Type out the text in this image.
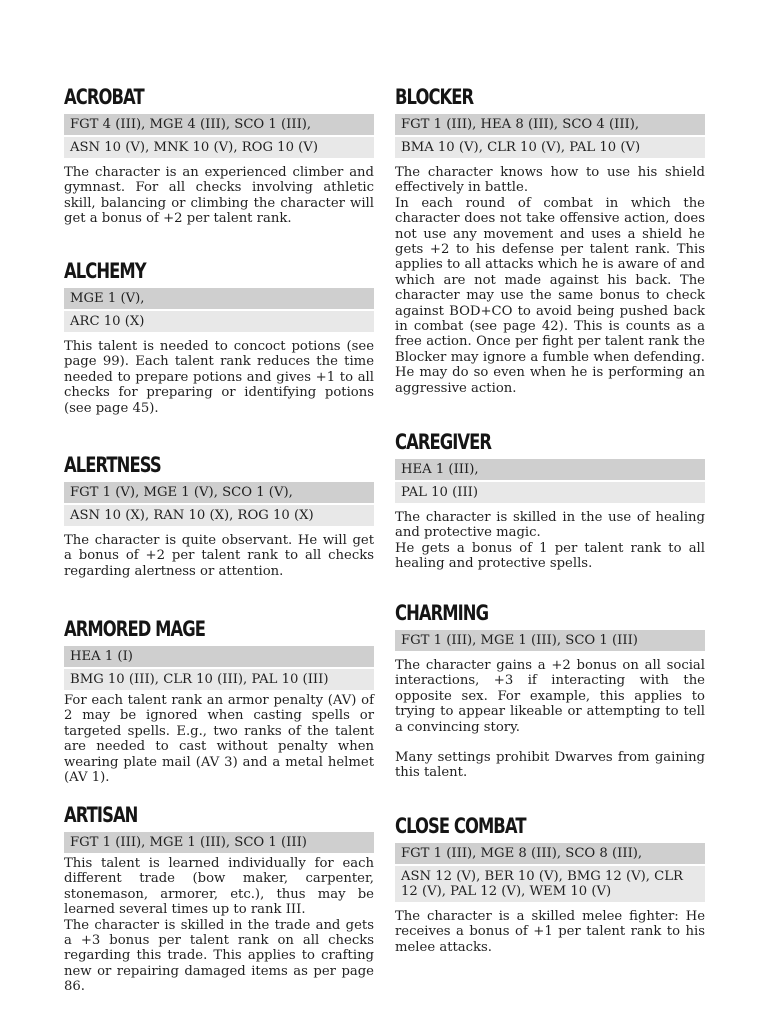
ACROBAT
FGT 4 (III), MGE 4 (III), SCO 1 (III),
ASN 10 (V), MNK 10 (V), ROG 10 (V)

The character is an experienced climber and gymnast. For all checks involving athletic skill, balancing or climbing the character will get a bonus of +2 per talent rank.

ALCHEMY
MGE 1 (V),
ARC 10 (X)

This talent is needed to concoct potions (see page 99). Each talent rank reduces the time needed to prepare potions and gives +1 to all checks for preparing or identifying potions (see page 45).

ALERTNESS
FGT 1 (V), MGE 1 (V), SCO 1 (V),
ASN 10 (X), RAN 10 (X), ROG 10 (X)

The character is quite observant. He will get a bonus of +2 per talent rank to all checks regarding alertness or attention.

ARMORED MAGE
HEA 1 (I)
BMG 10 (III), CLR 10 (III), PAL 10 (III)

For each talent rank an armor penalty (AV) of 2 may be ignored when casting spells or targeted spells. E.g., two ranks of the talent are needed to cast without penalty when wearing plate mail (AV 3) and a metal helmet (AV 1).

ARTISAN
FGT 1 (III), MGE 1 (III), SCO 1 (III)

This talent is learned individually for each different trade (bow maker, carpenter, stonemason, armorer, etc.), thus may be learned several times up to rank III.

The character is skilled in the trade and gets a +3 bonus per talent rank on all checks regarding this trade. This applies to crafting new or repairing damaged items as per page 86.

BLOCKER
FGT 1 (III), HEA 8 (III), SCO 4 (III),
BMA 10 (V), CLR 10 (V), PAL 10 (V)

The character knows how to use his shield effectively in battle.

In each round of combat in which the character does not take offensive action, does not use any movement and uses a shield he gets +2 to his defense per talent rank. This applies to all attacks which he is aware of and which are not made against his back. The character may use the same bonus to check against BOD+CO to avoid being pushed back in combat (see page 42). This is counts as a free action. Once per fight per talent rank the Blocker may ignore a fumble when defending. He may do so even when he is performing an aggressive action.

CAREGIVER
HEA 1 (III),
PAL 10 (III)

The character is skilled in the use of healing and protective magic.

He gets a bonus of 1 per talent rank to all healing and protective spells.

CHARMING
FGT 1 (III), MGE 1 (III), SCO 1 (III)

The character gains a +2 bonus on all social interactions, +3 if interacting with the opposite sex. For example, this applies to trying to appear likeable or attempting to tell a convincing story.

Many settings prohibit Dwarves from gaining this talent.

CLOSE COMBAT
FGT 1 (III), MGE 8 (III), SCO 8 (III),
ASN 12 (V), BER 10 (V), BMG 12 (V), CLR 12 (V), PAL 12 (V), WEM 10 (V)

The character is a skilled melee fighter: He receives a bonus of +1 per talent rank to his melee attacks.
